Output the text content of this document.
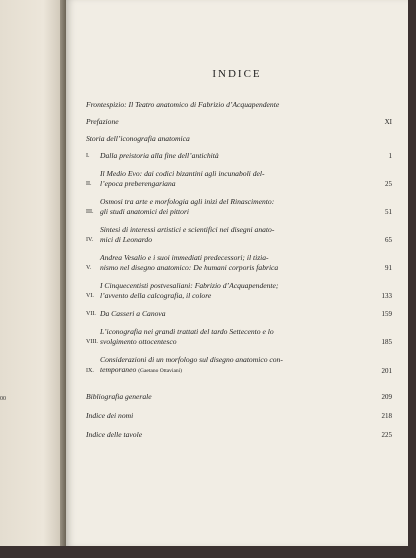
00
INDICE
Frontespizio: Il Teatro anatomico di Fabrizio d’Acquapendente
Prefazione	XI
Storia dell’iconografia anatomica
I.	Dalla preistoria alla fine dell’antichità	1
II.
Il Medio Evo: dai codici bizantini agli incunaboli del-
l’epoca preberengariana	25
III.
Osmosi tra arte e morfologia agli inizi del Rinascimento:
gli studi anatomici dei pittori	51
IV.
Sintesi di interessi artistici e scientifici nei disegni anato-
mici di Leonardo	65
V.
Andrea Vesalio e i suoi immediati predecessori; il tizia-
nismo nel disegno anatomico: De humani corporis fabrica	91
VI.
I Cinquecentisti postvesaliani: Fabrizio d’Acquapendente;
l’avvento della calcografia, il colore	133
VII. Da Casseri a Canova	159
VIII.
L’iconografia nei grandi trattati del tardo Settecento e lo
svolgimento ottocentesco	185
IX.
Considerazioni di un morfologo sul disegno anatomico con-
temporaneo (Gaetano Ottaviani)	201
Bibliografia generale	209
Indice dei nomi	218
Indice delle tavole	225
